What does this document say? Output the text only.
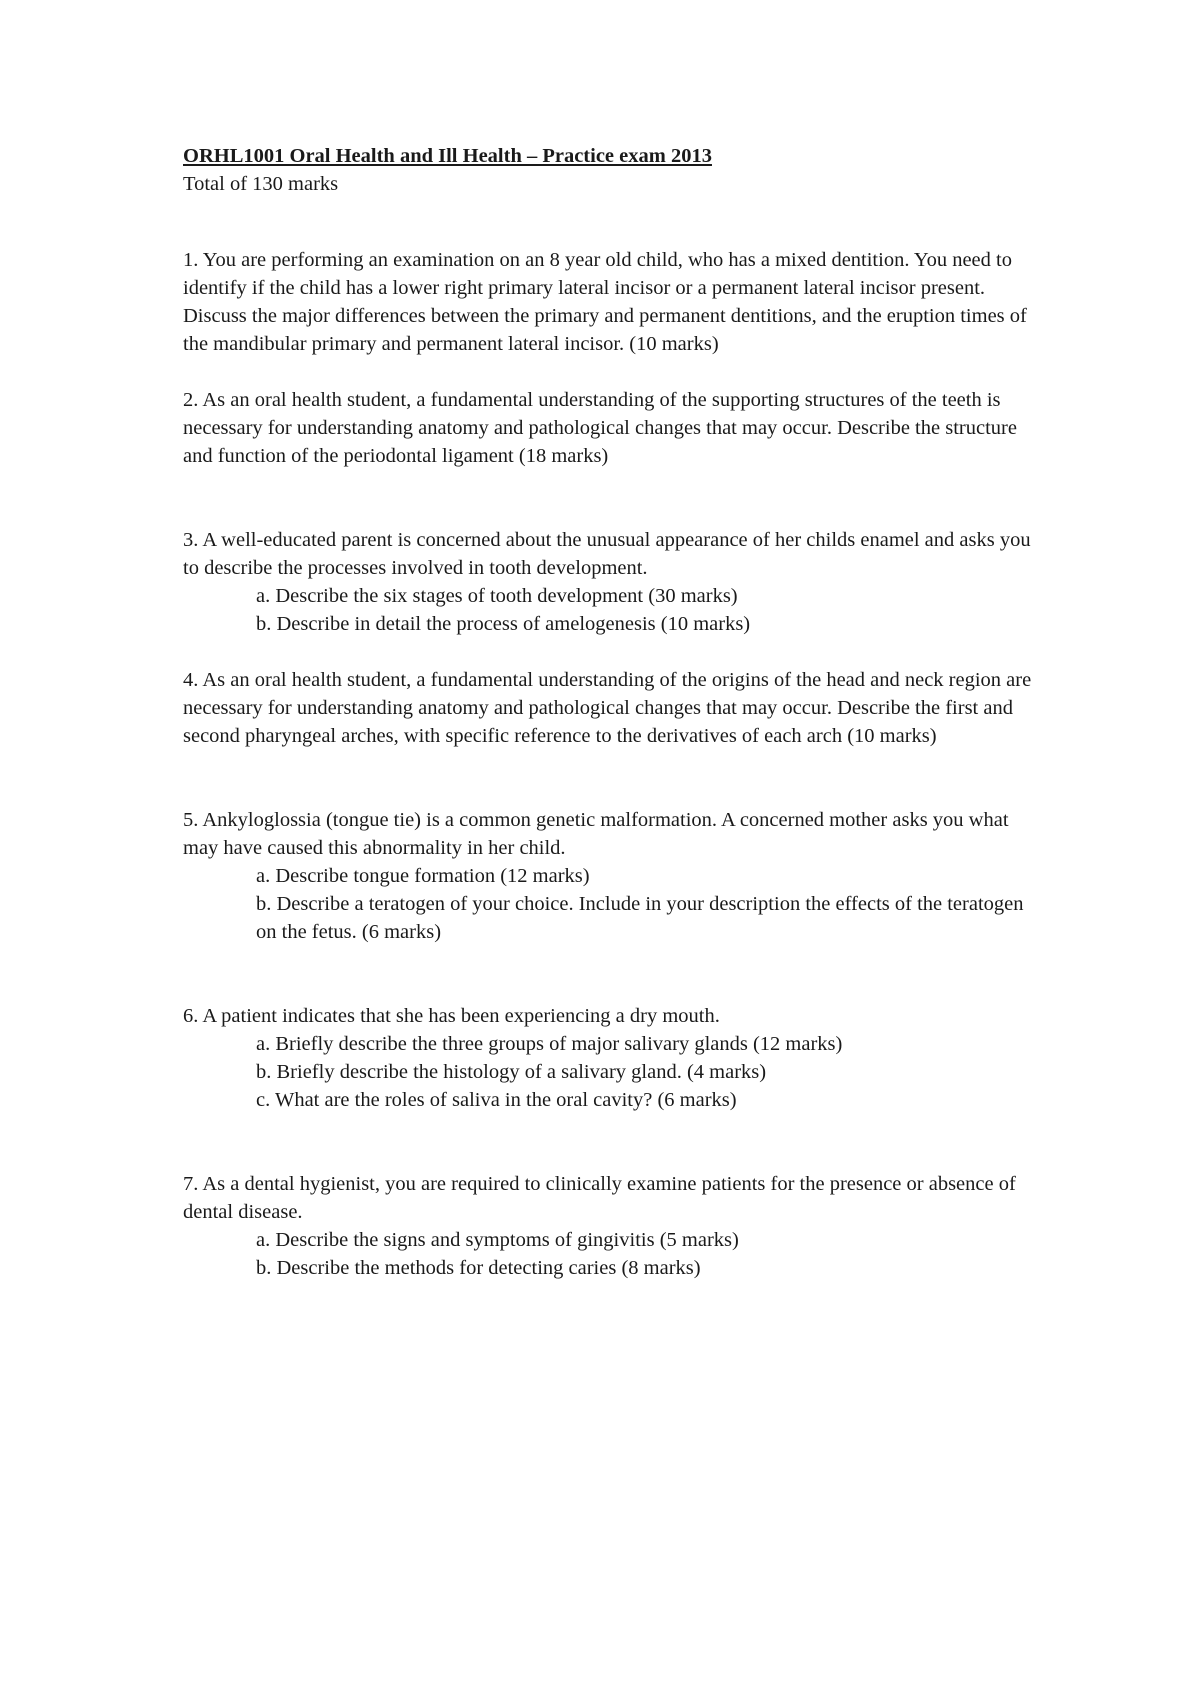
ORHL1001 Oral Health and Ill Health – Practice exam 2013

Total of 130 marks

1. You are performing an examination on an 8 year old child, who has a mixed dentition. You need to identify if the child has a lower right primary lateral incisor or a permanent lateral incisor present. Discuss the major differences between the primary and permanent dentitions, and the eruption times of the mandibular primary and permanent lateral incisor. (10 marks)

2. As an oral health student, a fundamental understanding of the supporting structures of the teeth is necessary for understanding anatomy and pathological changes that may occur. Describe the structure and function of the periodontal ligament (18 marks)

3. A well-educated parent is concerned about the unusual appearance of her childs enamel and asks you to describe the processes involved in tooth development.

a. Describe the six stages of tooth development (30 marks)

b. Describe in detail the process of amelogenesis (10 marks)

4. As an oral health student, a fundamental understanding of the origins of the head and neck region are necessary for understanding anatomy and pathological changes that may occur. Describe the first and second pharyngeal arches, with specific reference to the derivatives of each arch (10 marks)

5. Ankyloglossia (tongue tie) is a common genetic malformation. A concerned mother asks you what may have caused this abnormality in her child.

a. Describe tongue formation (12 marks)

b. Describe a teratogen of your choice. Include in your description the effects of the teratogen on the fetus. (6 marks)

6. A patient indicates that she has been experiencing a dry mouth.

a. Briefly describe the three groups of major salivary glands (12 marks)

b. Briefly describe the histology of a salivary gland. (4 marks)

c. What are the roles of saliva in the oral cavity? (6 marks)

7. As a dental hygienist, you are required to clinically examine patients for the presence or absence of dental disease.

a. Describe the signs and symptoms of gingivitis (5 marks)

b. Describe the methods for detecting caries (8 marks)
